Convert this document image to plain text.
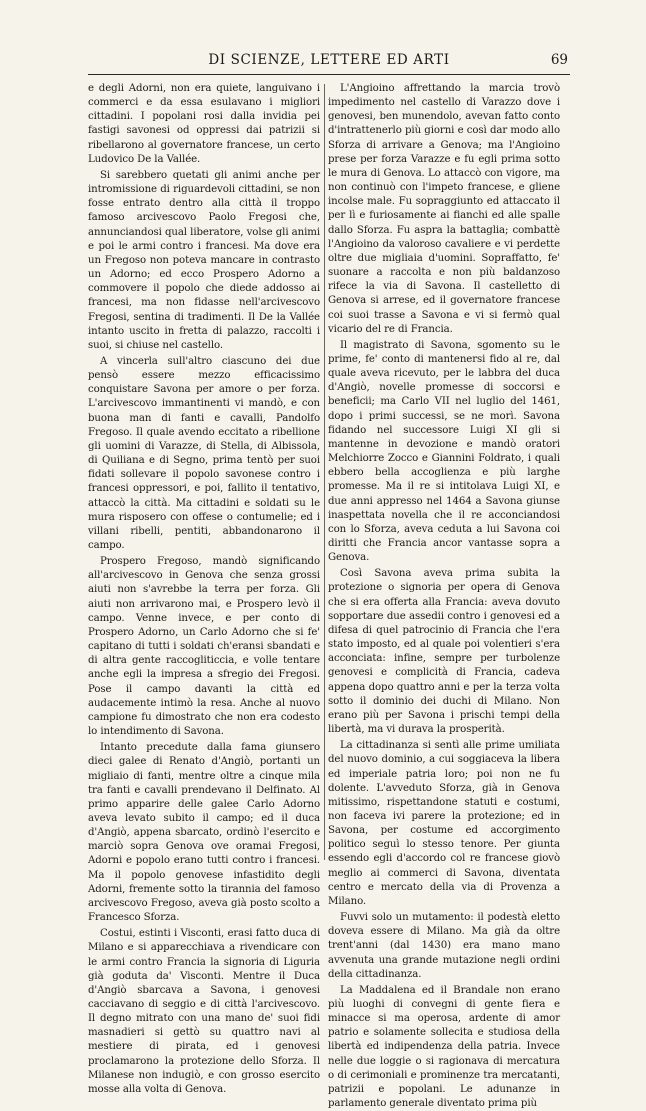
DI SCIENZE, LETTERE ED ARTI	69

e degli Adorni, non era quiete, languivano i commerci e da essa esulavano i migliori cittadini. I popolani rosi dalla invidia pei fastigi savonesi od oppressi dai patrizii si ribellarono al governatore francese, un certo Ludovico De la Vallée.

Si sarebbero quetati gli animi anche per intromissione di riguardevoli cittadini, se non fosse entrato dentro alla città il troppo famoso arcivescovo Paolo Fregosi che, annunciandosi qual liberatore, volse gli animi e poi le armi contro i francesi. Ma dove era un Fregoso non poteva mancare in contrasto un Adorno; ed ecco Prospero Adorno a commovere il popolo che diede addosso ai francesi, ma non fidasse nell'arcivescovo Fregosi, sentina di tradimenti. Il De la Vallée intanto uscito in fretta di palazzo, raccolti i suoi, si chiuse nel castello.

A vincerla sull'altro ciascuno dei due pensò essere mezzo efficacissimo conquistare Savona per amore o per forza. L'arcivescovo immantinenti vi mandò, e con buona man di fanti e cavalli, Pandolfo Fregoso. Il quale avendo eccitato a ribellione gli uomini di Varazze, di Stella, di Albissola, di Quiliana e di Segno, prima tentò per suoi fidati sollevare il popolo savonese contro i francesi oppressori, e poi, fallito il tentativo, attaccò la città. Ma cittadini e soldati su le mura risposero con offese o contumelie; ed i villani ribelli, pentiti, abbandonarono il campo.

Prospero Fregoso, mandò significando all'arcivescovo in Genova che senza grossi aiuti non s'avrebbe la terra per forza. Gli aiuti non arrivarono mai, e Prospero levò il campo. Venne invece, e per conto di Prospero Adorno, un Carlo Adorno che si fe' capitano di tutti i soldati ch'eransi sbandati e di altra gente raccogliticcia, e volle tentare anche egli la impresa a sfregio dei Fregosi. Pose il campo davanti la città ed audacemente intimò la resa. Anche al nuovo campione fu dimostrato che non era codesto lo intendimento di Savona.

Intanto precedute dalla fama giunsero dieci galee di Renato d'Angiò, portanti un migliaio di fanti, mentre oltre a cinque mila tra fanti e cavalli prendevano il Delfinato. Al primo apparire delle galee Carlo Adorno aveva levato subito il campo; ed il duca d'Angiò, appena sbarcato, ordinò l'esercito e marciò sopra Genova ove oramai Fregosi, Adorni e popolo erano tutti contro i francesi. Ma il popolo genovese infastidito degli Adorni, fremente sotto la tirannia del famoso arcivescovo Fregoso, aveva già posto scolto a Francesco Sforza.

Costui, estinti i Visconti, erasi fatto duca di Milano e si apparecchiava a rivendicare con le armi contro Francia la signoria di Liguria già goduta da' Visconti. Mentre il Duca d'Angiò sbarcava a Savona, i genovesi cacciavano di seggio e di città l'arcivescovo. Il degno mitrato con una mano de' suoi fidi masnadieri si gettò su quattro navi al mestiere di pirata, ed i genovesi proclamarono la protezione dello Sforza. Il Milanese non indugiò, e con grosso esercito mosse alla volta di Genova.

L'Angioino affrettando la marcia trovò impedimento nel castello di Varazzo dove i genovesi, ben munendolo, avevan fatto conto d'intrattenerlo più giorni e così dar modo allo Sforza di arrivare a Genova; ma l'Angioino prese per forza Varazze e fu egli prima sotto le mura di Genova. Lo attaccò con vigore, ma non continuò con l'impeto francese, e gliene incolse male. Fu sopraggiunto ed attaccato il per lì e furiosamente ai fianchi ed alle spalle dallo Sforza. Fu aspra la battaglia; combattè l'Angioino da valoroso cavaliere e vi perdette oltre due migliaia d'uomini. Sopraffatto, fe' suonare a raccolta e non più baldanzoso rifece la via di Savona. Il castelletto di Genova si arrese, ed il governatore francese coi suoi trasse a Savona e vi si fermò qual vicario del re di Francia.

Il magistrato di Savona, sgomento su le prime, fe' conto di mantenersi fido al re, dal quale aveva ricevuto, per le labbra del duca d'Angiò, novelle promesse di soccorsi e beneficii; ma Carlo VII nel luglio del 1461, dopo i primi successi, se ne morì. Savona fidando nel successore Luigi XI gli si mantenne in devozione e mandò oratori Melchiorre Zocco e Giannini Foldrato, i quali ebbero bella accoglienza e più larghe promesse. Ma il re si intitolava Luigi XI, e due anni appresso nel 1464 a Savona giunse inaspettata novella che il re acconciandosi con lo Sforza, aveva ceduta a lui Savona coi diritti che Francia ancor vantasse sopra a Genova.

Così Savona aveva prima subita la protezione o signoria per opera di Genova che si era offerta alla Francia: aveva dovuto sopportare due assedii contro i genovesi ed a difesa di quel patrocinio di Francia che l'era stato imposto, ed al quale poi volentieri s'era acconciata: infine, sempre per turbolenze genovesi e complicità di Francia, cadeva appena dopo quattro anni e per la terza volta sotto il dominio dei duchi di Milano. Non erano più per Savona i prischi tempi della libertà, ma vi durava la prosperità.

La cittadinanza si sentì alle prime umiliata del nuovo dominio, a cui soggiaceva la libera ed imperiale patria loro; poi non ne fu dolente. L'avveduto Sforza, già in Genova mitissimo, rispettandone statuti e costumi, non faceva ivi parere la protezione; ed in Savona, per costume ed accorgimento politico seguì lo stesso tenore. Per giunta essendo egli d'accordo col re francese giovò meglio ai commerci di Savona, diventata centro e mercato della via di Provenza a Milano.

Fuvvi solo un mutamento: il podestà eletto doveva essere di Milano. Ma già da oltre trent'anni (dal 1430) era mano mano avvenuta una grande mutazione negli ordini della cittadinanza.

La Maddalena ed il Brandale non erano più luoghi di convegni di gente fiera e minacce si ma operosa, ardente di amor patrio e solamente sollecita e studiosa della libertà ed indipendenza della patria. Invece nelle due loggie o si ragionava di mercatura o di cerimoniali e prominenze tra mercatanti, patrizii e popolani. Le adunanze in parlamento generale diventato prima più
